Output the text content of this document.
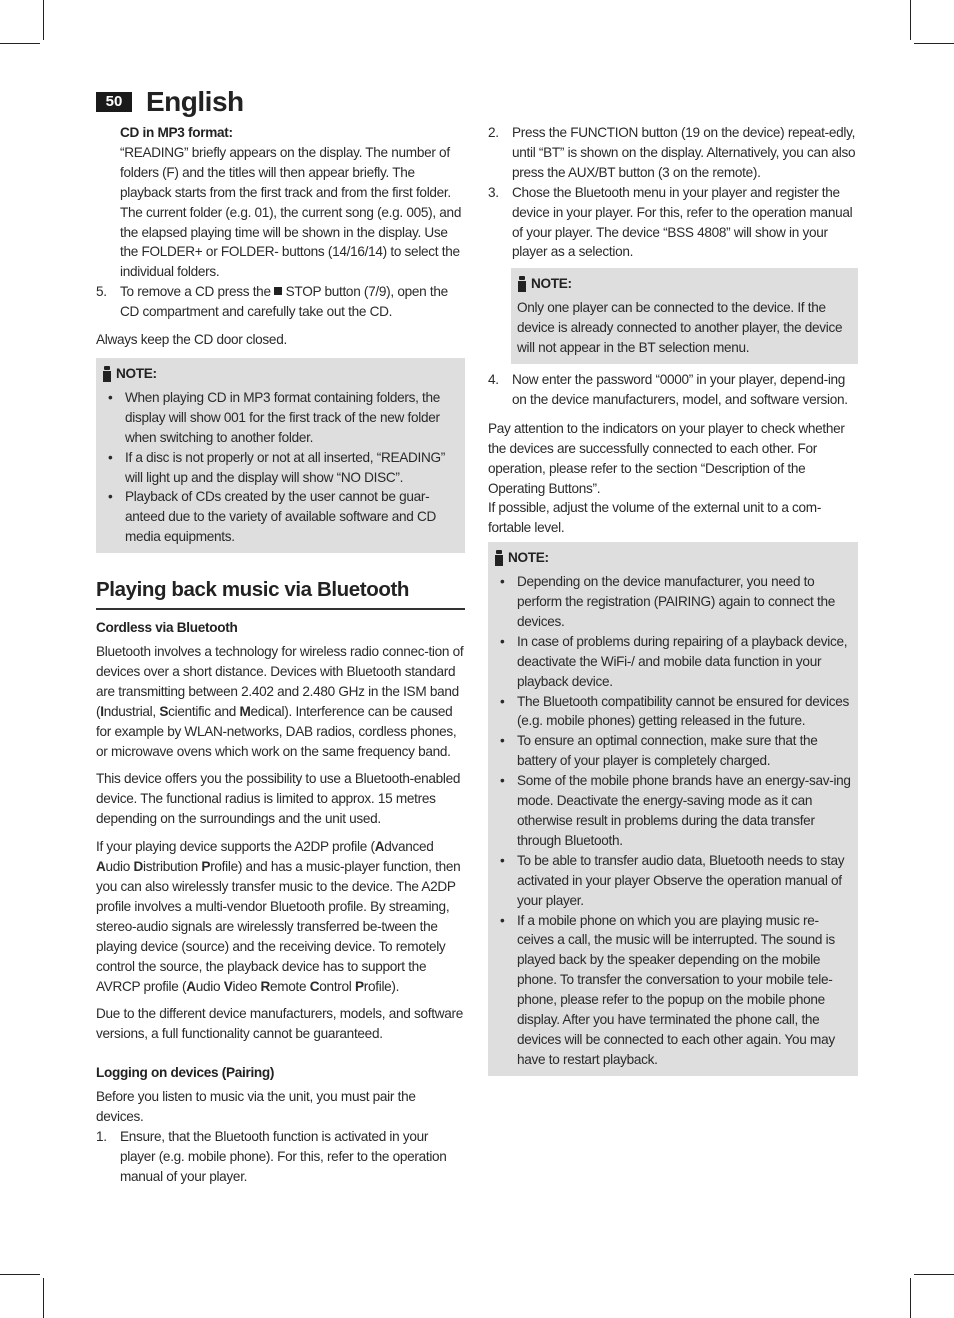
50 English

CD in MP3 format:

“READING” briefly appears on the display. The number of folders (F) and the titles will then appear briefly. The playback starts from the first track and from the first folder. The current folder (e.g. 01), the current song (e.g. 005), and the elapsed playing time will be shown in the display. Use the FOLDER+ or FOLDER- buttons (14/16/14) to select the individual folders.

5. To remove a CD press the  STOP button (7/9), open the CD compartment and carefully take out the CD.

Always keep the CD door closed.

NOTE:
• When playing CD in MP3 format containing folders, the display will show 001 for the first track of the new folder when switching to another folder.
• If a disc is not properly or not at all inserted, “READING” will light up and the display will show “NO DISC”.
• Playback of CDs created by the user cannot be guar-anteed due to the variety of available software and CD media equipments.
Playing back music via Bluetooth

Cordless via Bluetooth

Bluetooth involves a technology for wireless radio connec-tion of devices over a short distance. Devices with Bluetooth standard are transmitting between 2.402 and 2.480 GHz in the ISM band (Industrial, Scientific and Medical). Interference can be caused for example by WLAN-networks, DAB radios, cordless phones, or microwave ovens which work on the same frequency band.

This device offers you the possibility to use a Bluetooth-enabled device. The functional radius is limited to approx. 15 metres depending on the surroundings and the unit used.

If your playing device supports the A2DP profile (Advanced Audio Distribution Profile) and has a music-player function, then you can also wirelessly transfer music to the device. The A2DP profile involves a multi-vendor Bluetooth profile. By streaming, stereo-audio signals are wirelessly transferred be-tween the playing device (source) and the receiving device. To remotely control the source, the playback device has to support the AVRCP profile (Audio Video Remote Control Profile).

Due to the different device manufacturers, models, and software versions, a full functionality cannot be guaranteed.

Logging on devices (Pairing)

Before you listen to music via the unit, you must pair the devices.

1. Ensure, that the Bluetooth function is activated in your player (e.g. mobile phone). For this, refer to the operation manual of your player.
2. Press the FUNCTION button (19 on the device) repeat-edly, until “BT” is shown on the display. Alternatively, you can also press the AUX/BT button (3 on the remote).
3. Chose the Bluetooth menu in your player and register the device in your player. For this, refer to the operation manual of your player. The device “BSS 4808” will show in your player as a selection.
NOTE:

Only one player can be connected to the device. If the device is already connected to another player, the device will not appear in the BT selection menu.

4. Now enter the password “0000” in your player, depend-ing on the device manufacturers, model, and software version.

Pay attention to the indicators on your player to check whether the devices are successfully connected to each other. For operation, please refer to the section “Description of the Operating Buttons”.

If possible, adjust the volume of the external unit to a com-fortable level.

NOTE:
• Depending on the device manufacturer, you need to perform the registration (PAIRING) again to connect the devices.
• In case of problems during repairing of a playback device, deactivate the WiFi-/ and mobile data function in your playback device.
• The Bluetooth compatibility cannot be ensured for devices (e.g. mobile phones) getting released in the future.
• To ensure an optimal connection, make sure that the battery of your player is completely charged.
• Some of the mobile phone brands have an energy-sav-ing mode. Deactivate the energy-saving mode as it can otherwise result in problems during the data transfer through Bluetooth.
• To be able to transfer audio data, Bluetooth needs to stay activated in your player Observe the operation manual of your player.
• If a mobile phone on which you are playing music re-ceives a call, the music will be interrupted. The sound is played back by the speaker depending on the mobile phone. To transfer the conversation to your mobile tele-phone, please refer to the popup on the mobile phone display. After you have terminated the phone call, the devices will be connected to each other again. You may have to restart playback.
